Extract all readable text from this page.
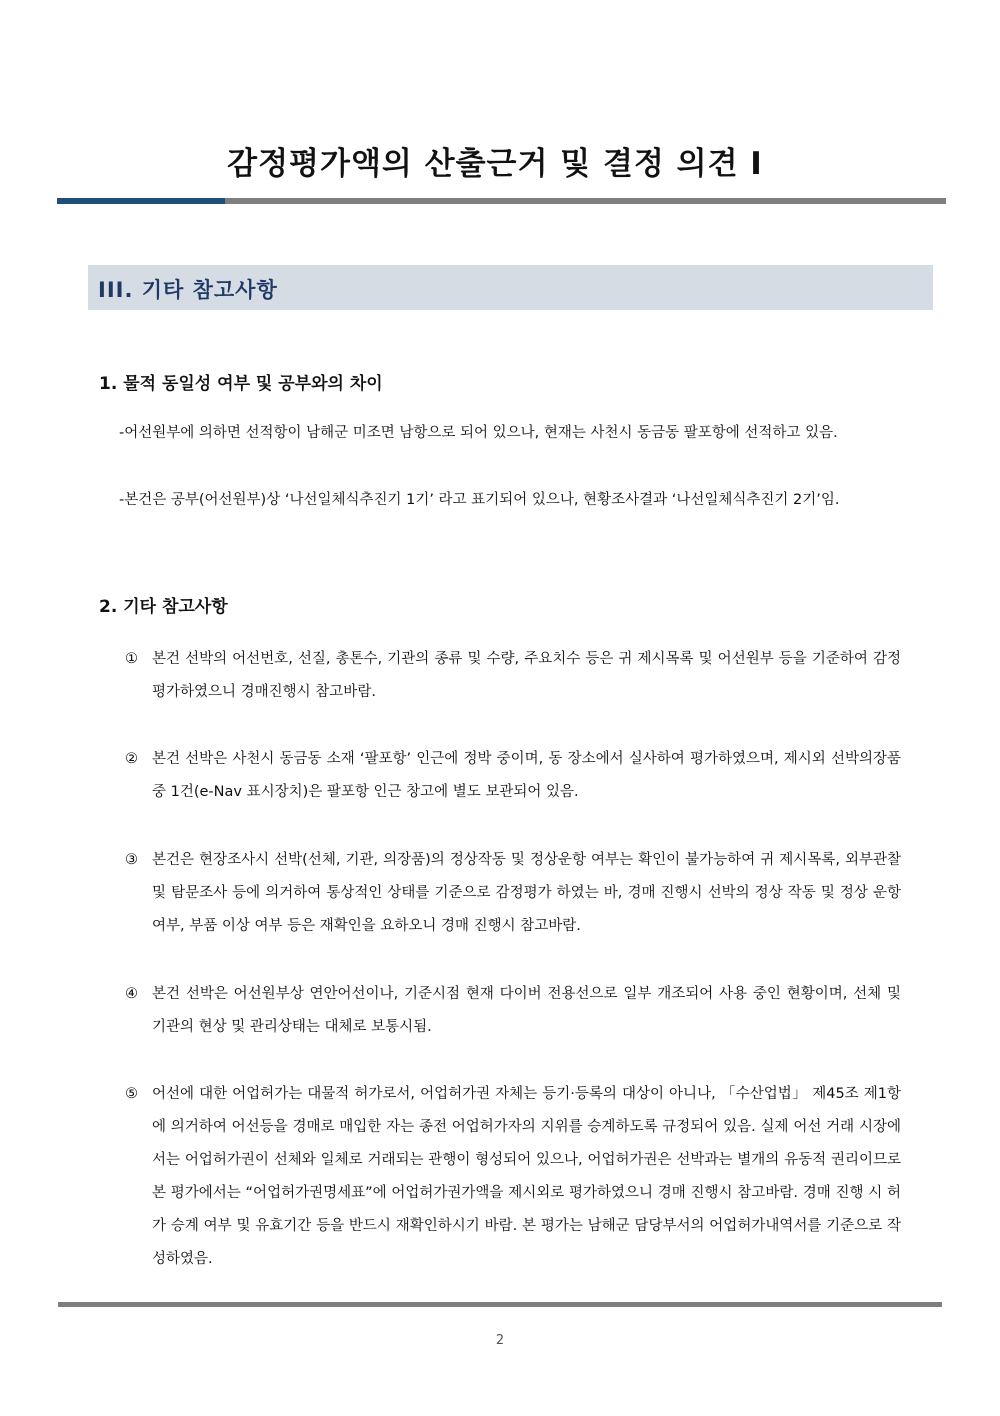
감정평가액의 산출근거 및 결정 의견 I
III. 기타 참고사항
1. 물적 동일성 여부 및 공부와의 차이
-어선원부에 의하면 선적항이 남해군 미조면 남항으로 되어 있으나, 현재는 사천시 동금동 팔포항에 선적하고 있음.
-본건은 공부(어선원부)상 ‘나선일체식추진기 1기’ 라고 표기되어 있으나, 현황조사결과 ‘나선일체식추진기 2기’임.
2. 기타 참고사항
① 본건 선박의 어선번호, 선질, 총톤수, 기관의 종류 및 수량, 주요치수 등은 귀 제시목록 및 어선원부 등을 기준하여 감정평가하였으니 경매진행시 참고바람.
② 본건 선박은 사천시 동금동 소재 ‘팔포항’ 인근에 정박 중이며, 동 장소에서 실사하여 평가하였으며, 제시외 선박의장품 중 1건(e-Nav 표시장치)은 팔포항 인근 창고에 별도 보관되어 있음.
③ 본건은 현장조사시 선박(선체, 기관, 의장품)의 정상작동 및 정상운항 여부는 확인이 불가능하여 귀 제시목록, 외부관찰 및 탐문조사 등에 의거하여 통상적인 상태를 기준으로 감정평가 하였는 바, 경매 진행시 선박의 정상 작동 및 정상 운항 여부, 부품 이상 여부 등은 재확인을 요하오니 경매 진행시 참고바람.
④ 본건 선박은 어선원부상 연안어선이나, 기준시점 현재 다이버 전용선으로 일부 개조되어 사용 중인 현황이며, 선체 및 기관의 현상 및 관리상태는 대체로 보통시됨.
⑤ 어선에 대한 어업허가는 대물적 허가로서, 어업허가권 자체는 등기·등록의 대상이 아니나, 「수산업법」 제45조 제1항에 의거하여 어선등을 경매로 매입한 자는 종전 어업허가자의 지위를 승계하도록 규정되어 있음. 실제 어선 거래 시장에서는 어업허가권이 선체와 일체로 거래되는 관행이 형성되어 있으나, 어업허가권은 선박과는 별개의 유동적 권리이므로 본 평가에서는 “어업허가권명세표”에 어업허가권가액을 제시외로 평가하였으니 경매 진행시 참고바람. 경매 진행 시 허가 승계 여부 및 유효기간 등을 반드시 재확인하시기 바람. 본 평가는 남해군 담당부서의 어업허가내역서를 기준으로 작성하였음.
2
